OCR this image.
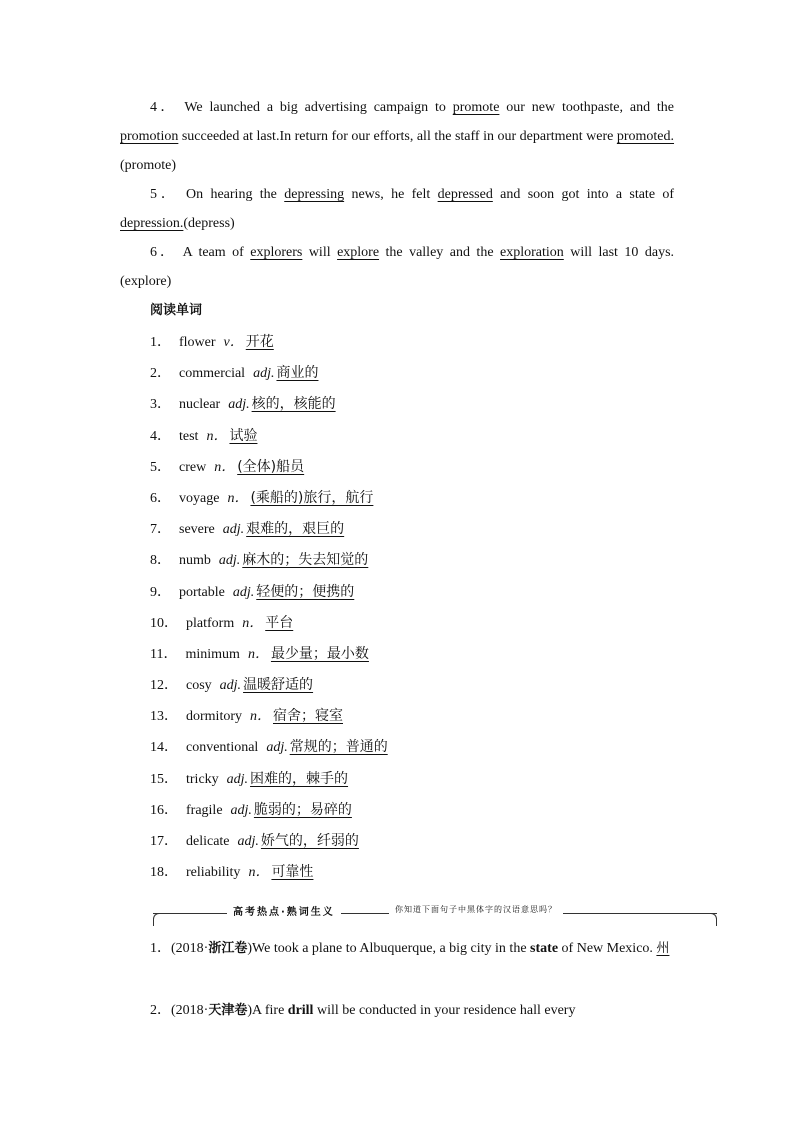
4． We launched a big advertising campaign to promote our new toothpaste, and the promotion succeeded at last.In return for our efforts, all the staff in our department were promoted.(promote)

5． On hearing the depressing news, he felt depressed and soon got into a state of depression.(depress)

6． A team of explorers will explore the valley and the exploration will last 10 days.(explore)

阅读单词
1． flower v． 开花
2． commercial adj. 商业的
3． nuclear adj. 核的，核能的
4． test n． 试验
5． crew n． (全体)船员
6． voyage n． (乘船的)旅行，航行
7． severe adj. 艰难的，艰巨的
8． numb adj. 麻木的；失去知觉的
9． portable adj. 轻便的；便携的
10． platform n． 平台
11． minimum n． 最少量；最小数
12． cosy adj. 温暖舒适的
13． dormitory n． 宿舍；寝室
14． conventional adj. 常规的；普通的
15． tricky adj. 困难的，棘手的
16． fragile adj. 脆弱的；易碎的
17． delicate adj. 娇气的，纤弱的
18． reliability n． 可靠性
高考热点·熟词生义	你知道下面句子中黑体字的汉语意思吗？

1．(2018·浙江卷)We took a plane to Albuquerque, a big city in the state of New Mexico. 州

2．(2018·天津卷)A fire drill will be conducted in your residence hall every
